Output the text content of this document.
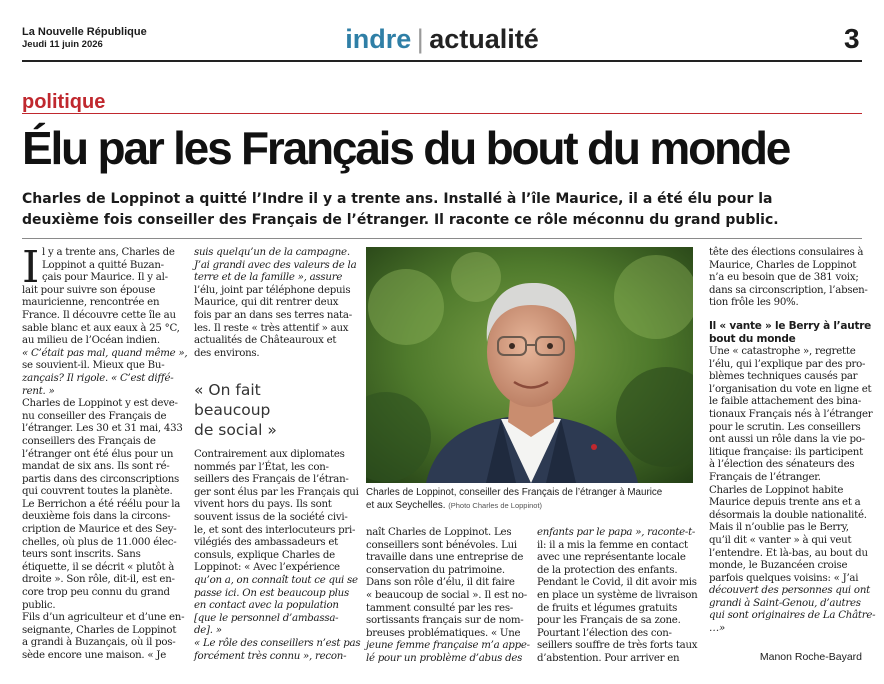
La Nouvelle République
Jeudi 11 juin 2026	indre | actualité	3
politique
Élu par les Français du bout du monde
Charles de Loppinot a quitté l’Indre il y a trente ans. Installé à l’île Maurice, il a été élu pour la
deuxième fois conseiller des Français de l’étranger. Il raconte ce rôle méconnu du grand public.
I l y a trente ans, Charles de
Loppinot a quitté Buzan-
çais pour Maurice. Il y al-
lait pour suivre son épouse
mauricienne, rencontrée en
France. Il découvre cette île au
sable blanc et aux eaux à 25 °C,
au milieu de l’Océan indien.
« C’était pas mal, quand même »,
se souvient-il. Mieux que Bu-
zançais? Il rigole. « C’est diffé-
rent. »
Charles de Loppinot y est deve-
nu conseiller des Français de
l’étranger. Les 30 et 31 mai, 433
conseillers des Français de
l’étranger ont été élus pour un
mandat de six ans. Ils sont ré-
partis dans des circonscriptions
qui couvrent toutes la planète.
Le Berrichon a été réélu pour la
deuxième fois dans la circons-
cription de Maurice et des Sey-
chelles, où plus de 11.000 élec-
teurs sont inscrits. Sans
étiquette, il se décrit « plutôt à
droite ». Son rôle, dit-il, est en-
core trop peu connu du grand
public.
Fils d’un agriculteur et d’une en-
seignante, Charles de Loppinot
a grandi à Buzançais, où il pos-
sède encore une maison. « Je
suis quelqu’un de la campagne.
J’ai grandi avec des valeurs de la
terre et de la famille », assure
l’élu, joint par téléphone depuis
Maurice, qui dit rentrer deux
fois par an dans ses terres nata-
les. Il reste « très attentif » aux
actualités de Châteauroux et
des environs.
« On fait
beaucoup
de social »
Contrairement aux diplomates
nommés par l’État, les con-
seillers des Français de l’étran-
ger sont élus par les Français qui
vivent hors du pays. Ils sont
souvent issus de la société civi-
le, et sont des interlocuteurs pri-
vilégiés des ambassadeurs et
consuls, explique Charles de
Loppinot: « Avec l’expérience
qu’on a, on connaît tout ce qui se
passe ici. On est beaucoup plus
en contact avec la population
[que le personnel d’ambassa-
de]. »
« Le rôle des conseillers n’est pas
forcément très connu », recon-
Charles de Loppinot, conseiller des Français de l’étranger à Maurice
et aux Seychelles. (Photo Charles de Loppinot)
naît Charles de Loppinot. Les
conseillers sont bénévoles. Lui
travaille dans une entreprise de
conservation du patrimoine.
Dans son rôle d’élu, il dit faire
« beaucoup de social ». Il est no-
tamment consulté par les res-
sortissants français sur de nom-
breuses problématiques. « Une
jeune femme française m’a appe-
lé pour un problème d’abus des
enfants par le papa », raconte-t-
il: il a mis la femme en contact
avec une représentante locale
de la protection des enfants.
Pendant le Covid, il dit avoir mis
en place un système de livraison
de fruits et légumes gratuits
pour les Français de sa zone.
Pourtant l’élection des con-
seillers souffre de très forts taux
d’abstention. Pour arriver en
tête des élections consulaires à
Maurice, Charles de Loppinot
n’a eu besoin que de 381 voix;
dans sa circonscription, l’absen-
tion frôle les 90%.
Il « vante » le Berry à l’autre
bout du monde
Une « catastrophe », regrette
l’élu, qui l’explique par des pro-
blèmes techniques causés par
l’organisation du vote en ligne et
le faible attachement des bina-
tionaux Français nés à l’étranger
pour le scrutin. Les conseillers
ont aussi un rôle dans la vie po-
litique française: ils participent
à l’élection des sénateurs des
Français de l’étranger.
Charles de Loppinot habite
Maurice depuis trente ans et a
désormais la double nationalité.
Mais il n’oublie pas le Berry,
qu’il dit « vanter » à qui veut
l’entendre. Et là-bas, au bout du
monde, le Buzancéen croise
parfois quelques voisins: « J’ai
découvert des personnes qui ont
grandi à Saint-Genou, d’autres
qui sont originaires de La Châtre-
…»
Manon Roche-Bayard
